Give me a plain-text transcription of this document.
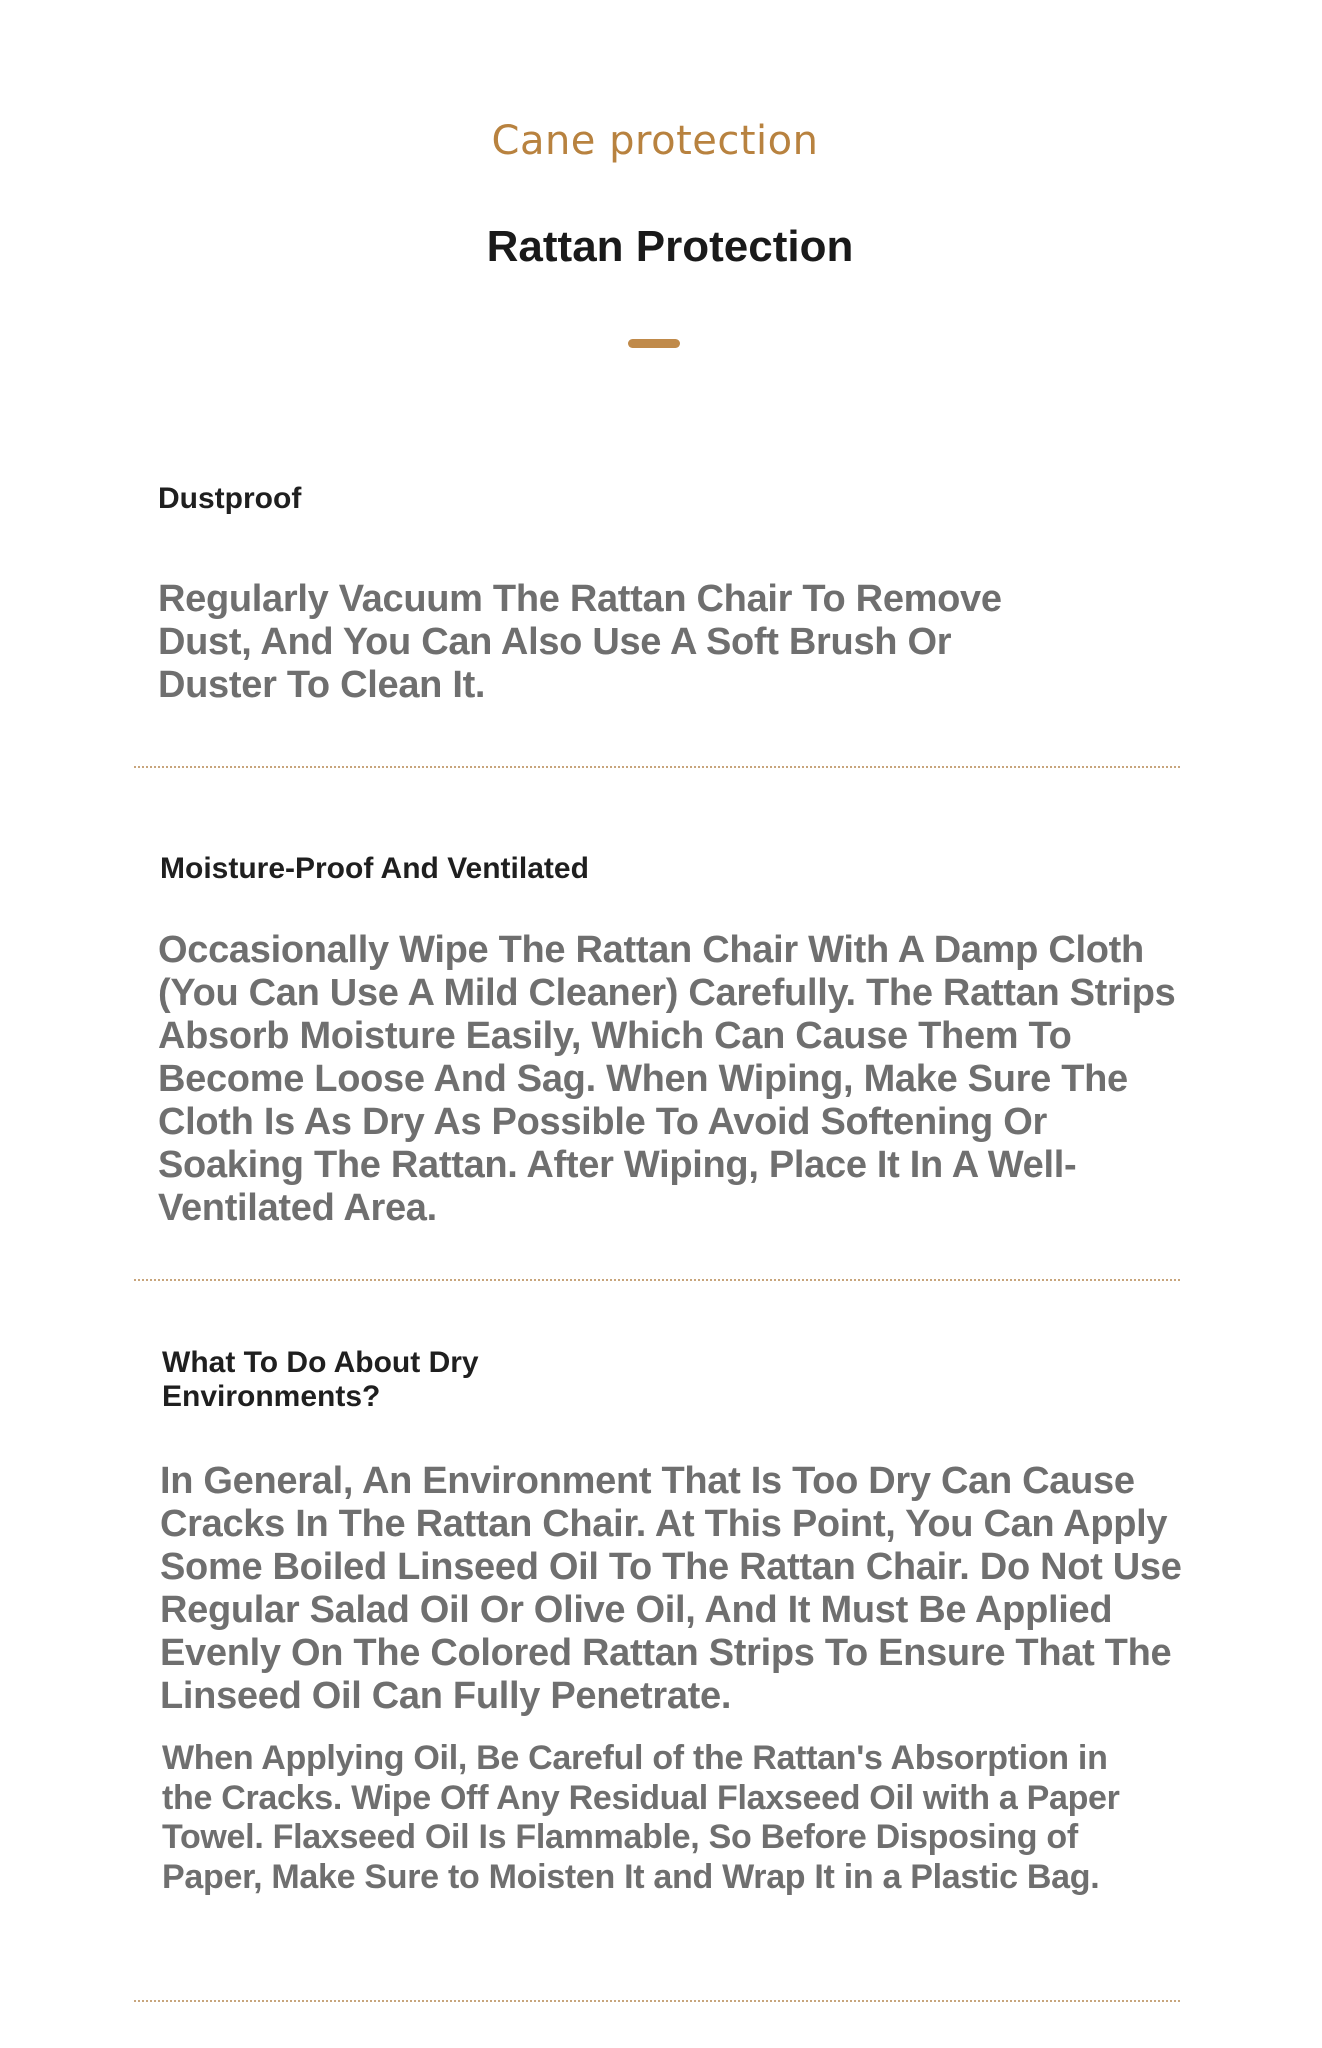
Cane protection
Rattan Protection
Dustproof
Regularly Vacuum The Rattan Chair To Remove Dust, And You Can Also Use A Soft Brush Or Duster To Clean It.
Moisture-Proof And Ventilated
Occasionally Wipe The Rattan Chair With A Damp Cloth (You Can Use A Mild Cleaner) Carefully. The Rattan Strips Absorb Moisture Easily, Which Can Cause Them To Become Loose And Sag. When Wiping, Make Sure The Cloth Is As Dry As Possible To Avoid Softening Or Soaking The Rattan. After Wiping, Place It In A Well-Ventilated Area.
What To Do About Dry Environments?
In General, An Environment That Is Too Dry Can Cause Cracks In The Rattan Chair. At This Point, You Can Apply Some Boiled Linseed Oil To The Rattan Chair. Do Not Use Regular Salad Oil Or Olive Oil, And It Must Be Applied Evenly On The Colored Rattan Strips To Ensure That The Linseed Oil Can Fully Penetrate.
When Applying Oil, Be Careful of the Rattan's Absorption in the Cracks. Wipe Off Any Residual Flaxseed Oil with a Paper Towel. Flaxseed Oil Is Flammable, So Before Disposing of Paper, Make Sure to Moisten It and Wrap It in a Plastic Bag.
